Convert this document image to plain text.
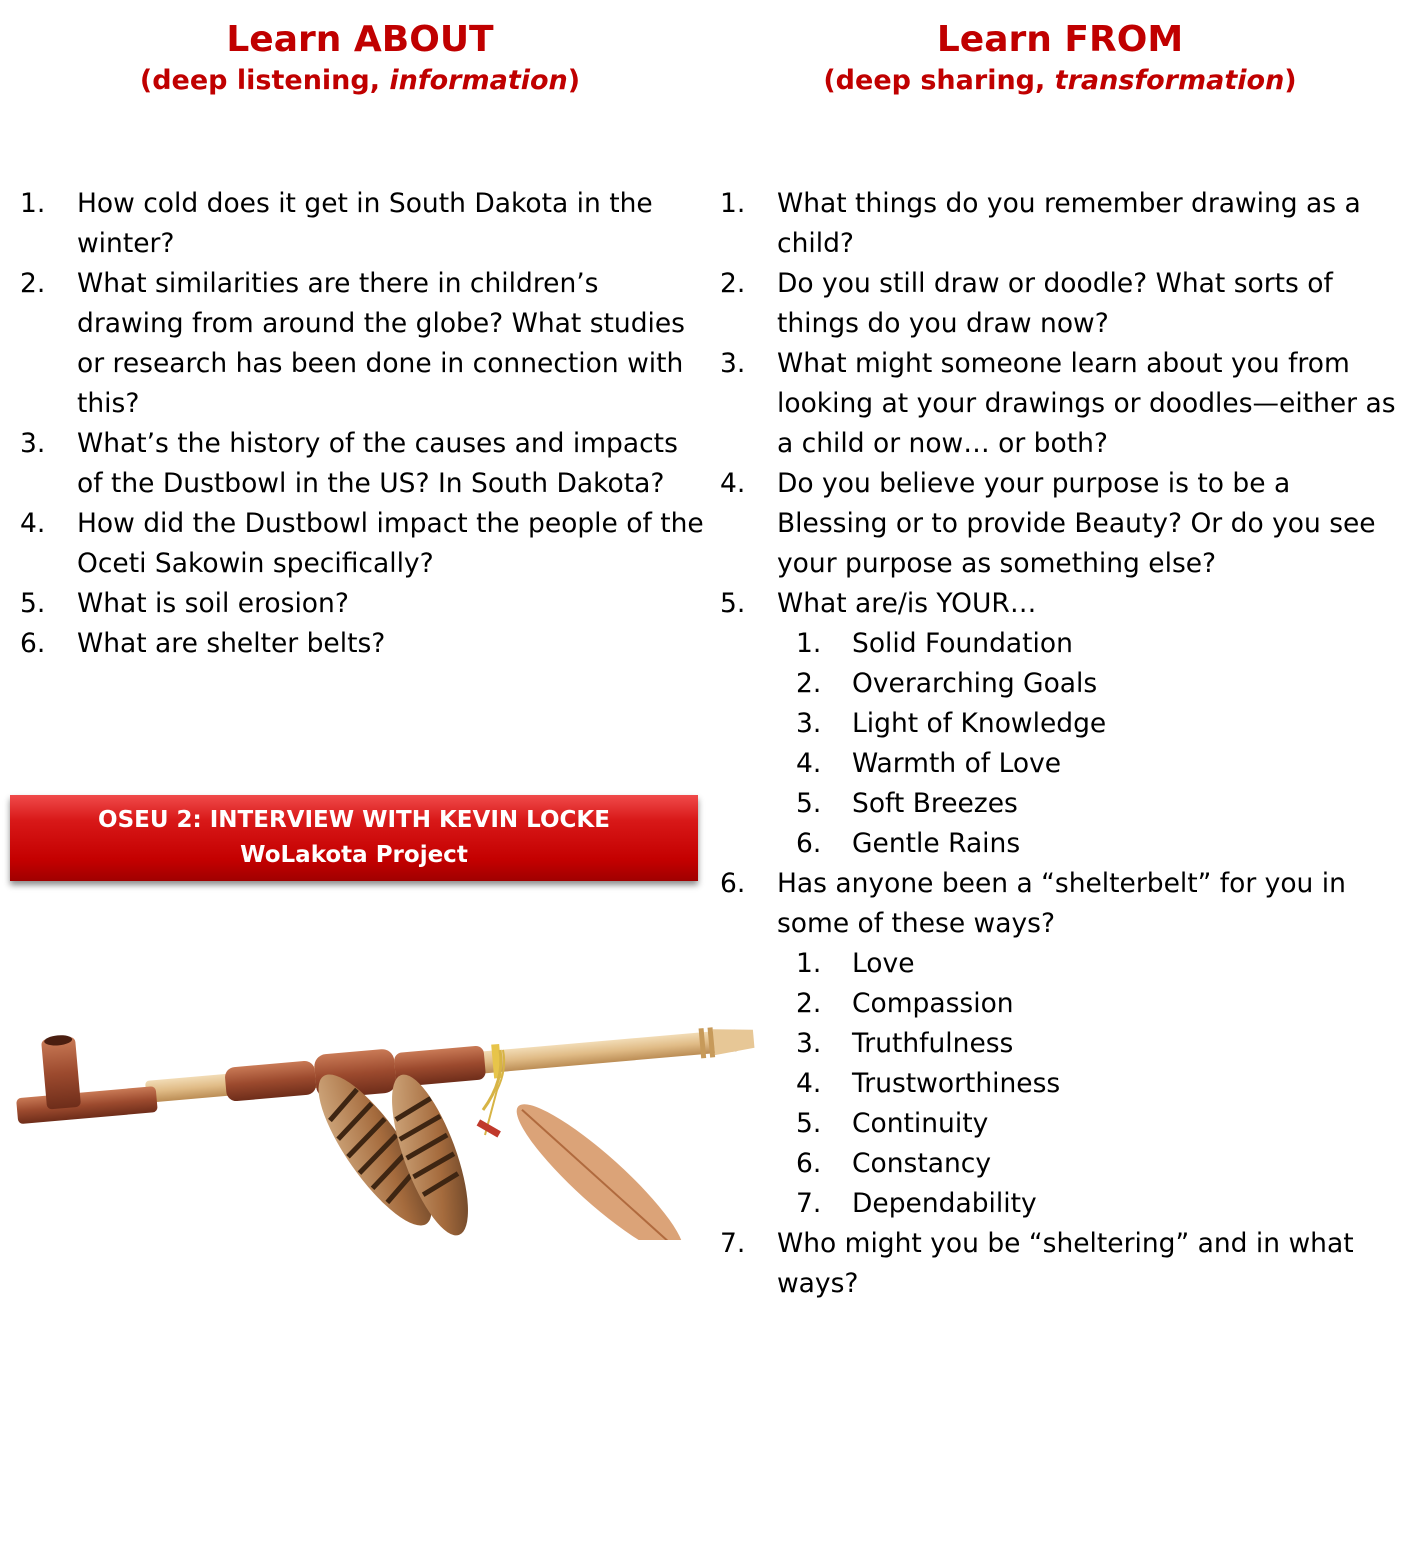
Learn ABOUT
(deep listening, information)
Learn FROM
(deep sharing, transformation)
1. How cold does it get in South Dakota in the winter?
2. What similarities are there in children’s drawing from around the globe? What studies or research has been done in connection with this?
3. What’s the history of the causes and impacts of the Dustbowl in the US? In South Dakota?
4. How did the Dustbowl impact the people of the Oceti Sakowin specifically?
5. What is soil erosion?
6. What are shelter belts?
1. What things do you remember drawing as a child?
2. Do you still draw or doodle? What sorts of things do you draw now?
3. What might someone learn about you from looking at your drawings or doodles—either as a child or now… or both?
4. Do you believe your purpose is to be a Blessing or to provide Beauty? Or do you see your purpose as something else?
5. What are/is YOUR…
1. Solid Foundation
2. Overarching Goals
3. Light of Knowledge
4. Warmth of Love
5. Soft Breezes
6. Gentle Rains
6. Has anyone been a “shelterbelt” for you in some of these ways?
1. Love
2. Compassion
3. Truthfulness
4. Trustworthiness
5. Continuity
6. Constancy
7. Dependability
7. Who might you be “sheltering” and in what ways?
OSEU 2: INTERVIEW WITH KEVIN LOCKE
WoLakota Project
